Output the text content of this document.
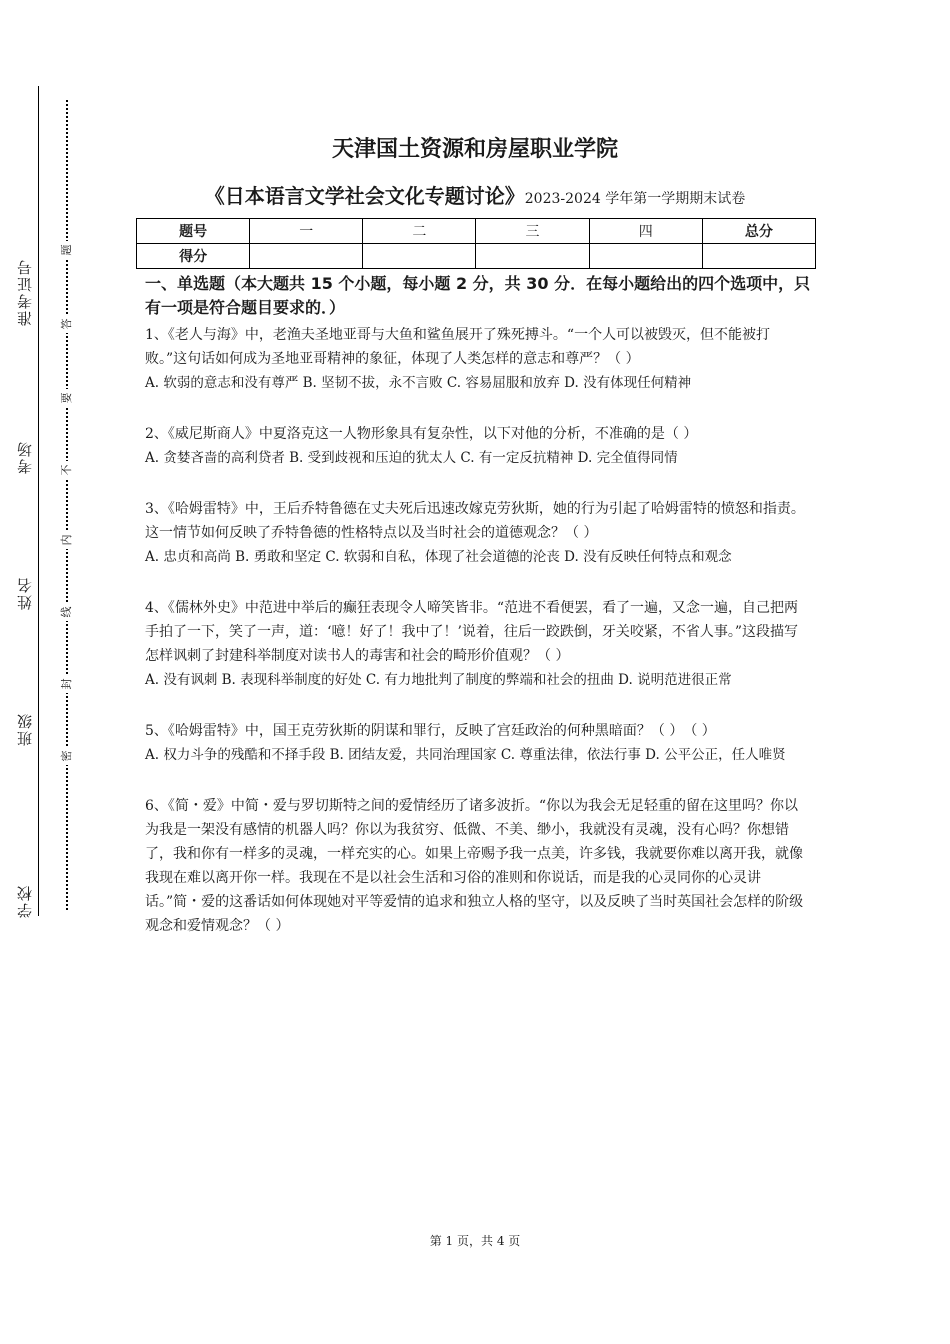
准考证号
考场
姓名
班级
学校
题
答
要
不
内
线
封
密
天津国土资源和房屋职业学院
《日本语言文学社会文化专题讨论》2023-2024 学年第一学期期末试卷
题号	一	二	三	四	总分
得分					

一、单选题（本大题共 15 个小题，每小题 2 分，共 30 分．在每小题给出的四个选项中，只有一项是符合题目要求的．）

1、《老人与海》中，老渔夫圣地亚哥与大鱼和鲨鱼展开了殊死搏斗。“一个人可以被毁灭，但不能被打败。”这句话如何成为圣地亚哥精神的象征，体现了人类怎样的意志和尊严？（ ）

A. 软弱的意志和没有尊严 B. 坚韧不拔，永不言败 C. 容易屈服和放弃 D. 没有体现任何精神

2、《威尼斯商人》中夏洛克这一人物形象具有复杂性，以下对他的分析，不准确的是（ ）

A. 贪婪吝啬的高利贷者 B. 受到歧视和压迫的犹太人 C. 有一定反抗精神 D. 完全值得同情

3、《哈姆雷特》中，王后乔特鲁德在丈夫死后迅速改嫁克劳狄斯，她的行为引起了哈姆雷特的愤怒和指责。这一情节如何反映了乔特鲁德的性格特点以及当时社会的道德观念？（ ）

A. 忠贞和高尚 B. 勇敢和坚定 C. 软弱和自私，体现了社会道德的沦丧 D. 没有反映任何特点和观念

4、《儒林外史》中范进中举后的癫狂表现令人啼笑皆非。“范进不看便罢，看了一遍，又念一遍，自己把两手拍了一下，笑了一声，道：‘噫！好了！我中了！’说着，往后一跤跌倒，牙关咬紧，不省人事。”这段描写怎样讽刺了封建科举制度对读书人的毒害和社会的畸形价值观？（ ）

A. 没有讽刺 B. 表现科举制度的好处 C. 有力地批判了制度的弊端和社会的扭曲 D. 说明范进很正常

5、《哈姆雷特》中，国王克劳狄斯的阴谋和罪行，反映了宫廷政治的何种黑暗面？（ ）　（ ）

A. 权力斗争的残酷和不择手段 B. 团结友爱，共同治理国家 C. 尊重法律，依法行事 D. 公平公正，任人唯贤

6、《简・爱》中简・爱与罗切斯特之间的爱情经历了诸多波折。“你以为我会无足轻重的留在这里吗？你以为我是一架没有感情的机器人吗？你以为我贫穷、低微、不美、缈小，我就没有灵魂，没有心吗？你想错了，我和你有一样多的灵魂，一样充实的心。如果上帝赐予我一点美，许多钱，我就要你难以离开我，就像我现在难以离开你一样。我现在不是以社会生活和习俗的准则和你说话，而是我的心灵同你的心灵讲话。”简・爱的这番话如何体现她对平等爱情的追求和独立人格的坚守，以及反映了当时英国社会怎样的阶级观念和爱情观念？（ ）

第 1 页，共 4 页
